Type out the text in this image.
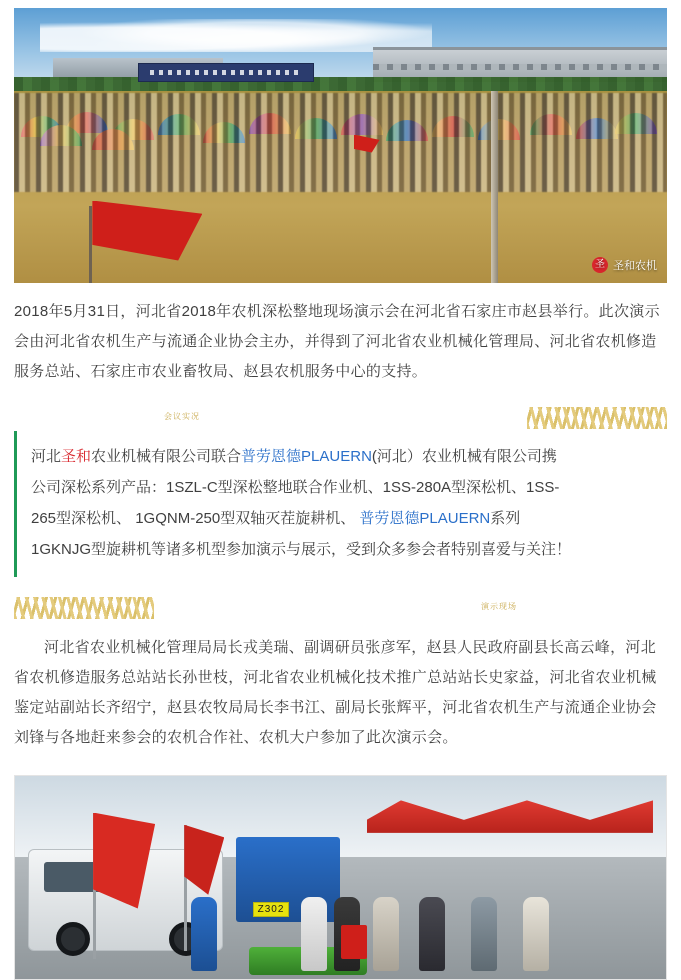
圣 圣和农机

2018年5月31日，河北省2018年农机深松整地现场演示会在河北省石家庄市赵县举行。此次演示会由河北省农机生产与流通企业协会主办，并得到了河北省农业机械化管理局、河北省农机修造服务总站、石家庄市农业畜牧局、赵县农机服务中心的支持。

会议实况

河北圣和农业机械有限公司联合普劳恩德PLAUERN(河北）农业机械有限公司携

公司深松系列产品：1SZL-C型深松整地联合作业机、1SS-280A型深松机、1SS-

265型深松机、 1GQNM-250型双轴灭茬旋耕机、 普劳恩德PLAUERN系列

1GKNJG型旋耕机等诸多机型参加演示与展示，受到众多参会者特别喜爱与关注！

演示现场

河北省农业机械化管理局局长戎美瑞、副调研员张彦军，赵县人民政府副县长高云峰，河北省农机修造服务总站站长孙世枝，河北省农业机械化技术推广总站站长史家益，河北省农业机械鉴定站副站长齐绍宁，赵县农牧局局长李书江、副局长张辉平，河北省农机生产与流通企业协会刘锋与各地赶来参会的农机合作社、农机大户参加了此次演示会。

Z302
